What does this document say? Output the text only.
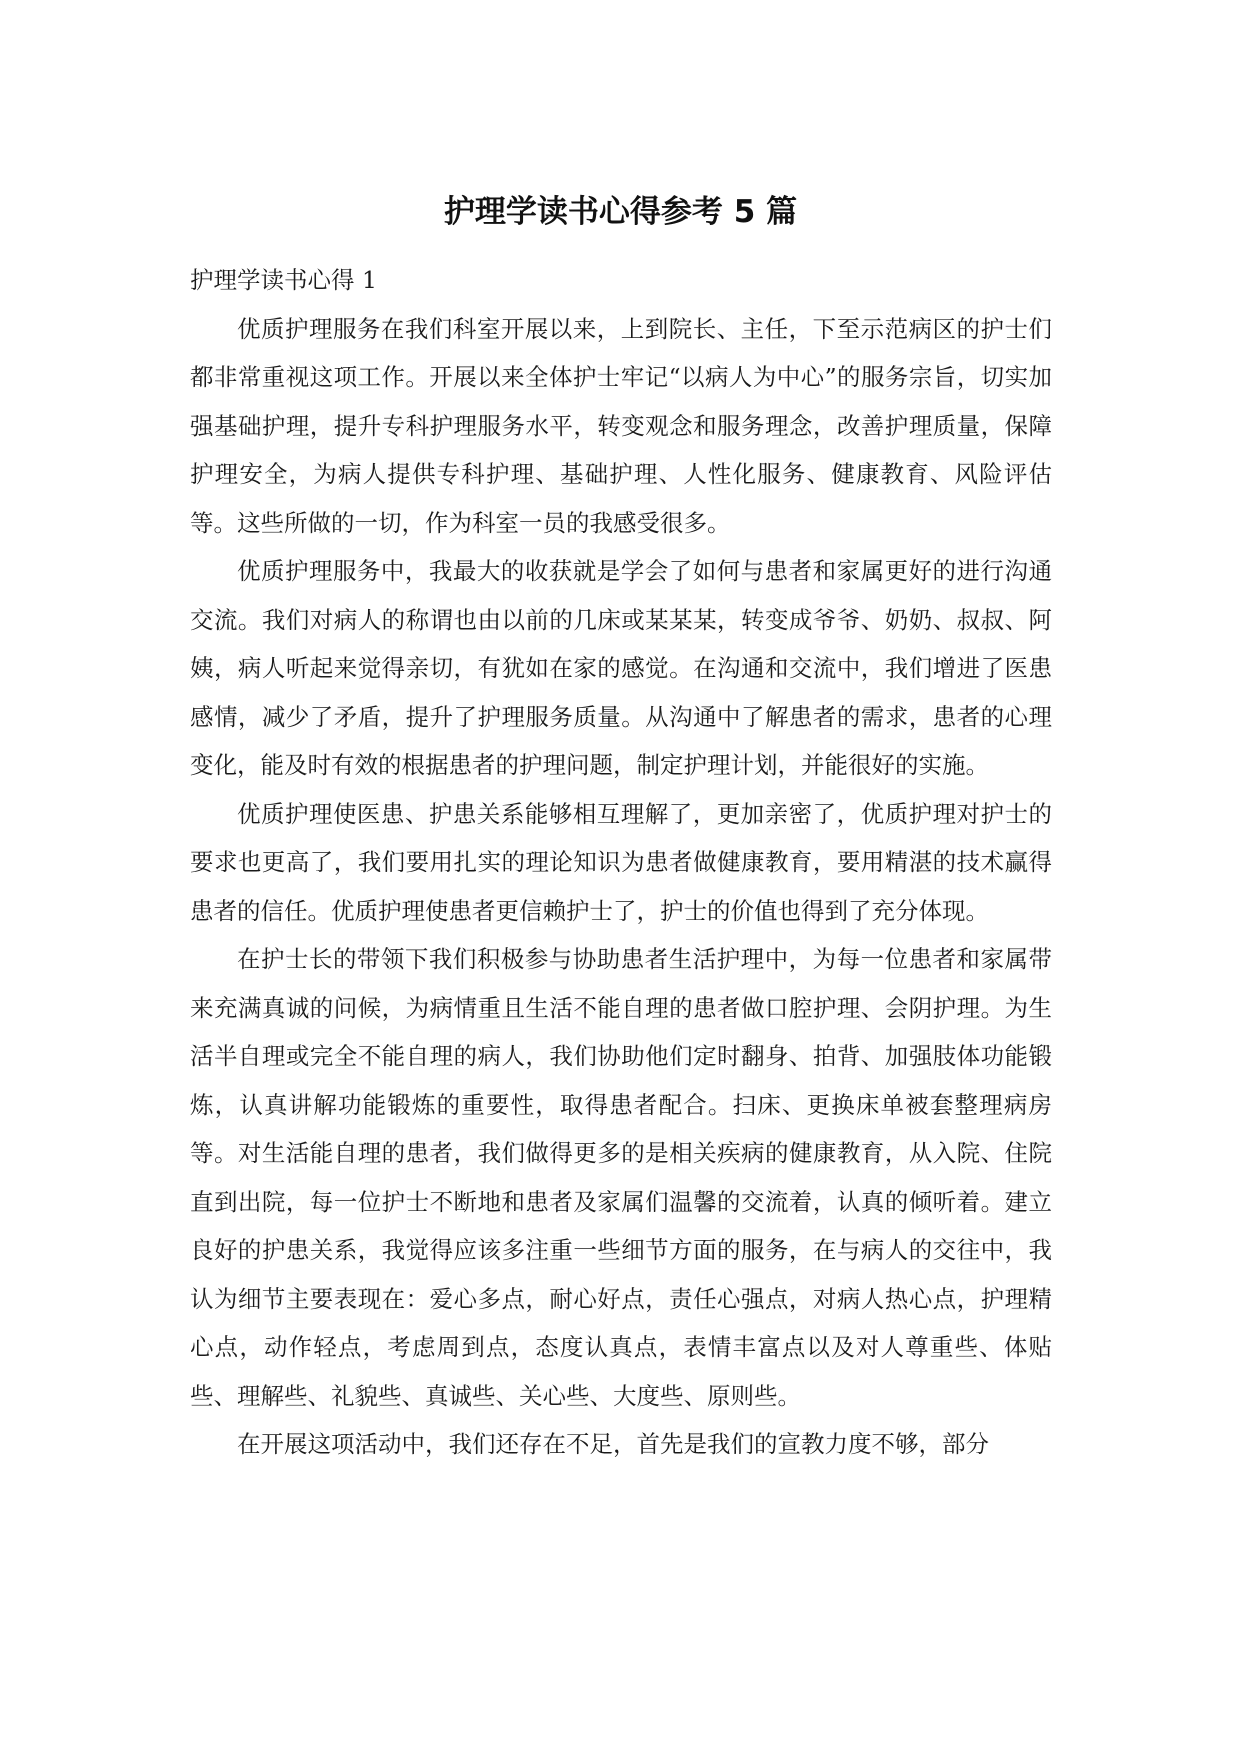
护理学读书心得参考 5 篇

护理学读书心得 1

优质护理服务在我们科室开展以来，上到院长、主任，下至示范病区的护士们都非常重视这项工作。开展以来全体护士牢记“以病人为中心”的服务宗旨，切实加强基础护理，提升专科护理服务水平，转变观念和服务理念，改善护理质量，保障护理安全，为病人提供专科护理、基础护理、人性化服务、健康教育、风险评估等。这些所做的一切，作为科室一员的我感受很多。

优质护理服务中，我最大的收获就是学会了如何与患者和家属更好的进行沟通交流。我们对病人的称谓也由以前的几床或某某某，转变成爷爷、奶奶、叔叔、阿姨，病人听起来觉得亲切，有犹如在家的感觉。在沟通和交流中，我们增进了医患感情，减少了矛盾，提升了护理服务质量。从沟通中了解患者的需求，患者的心理变化，能及时有效的根据患者的护理问题，制定护理计划，并能很好的实施。

优质护理使医患、护患关系能够相互理解了，更加亲密了，优质护理对护士的要求也更高了，我们要用扎实的理论知识为患者做健康教育，要用精湛的技术赢得患者的信任。优质护理使患者更信赖护士了，护士的价值也得到了充分体现。

在护士长的带领下我们积极参与协助患者生活护理中，为每一位患者和家属带来充满真诚的问候，为病情重且生活不能自理的患者做口腔护理、会阴护理。为生活半自理或完全不能自理的病人，我们协助他们定时翻身、拍背、加强肢体功能锻炼，认真讲解功能锻炼的重要性，取得患者配合。扫床、更换床单被套整理病房等。对生活能自理的患者，我们做得更多的是相关疾病的健康教育，从入院、住院直到出院，每一位护士不断地和患者及家属们温馨的交流着，认真的倾听着。建立良好的护患关系，我觉得应该多注重一些细节方面的服务，在与病人的交往中，我认为细节主要表现在：爱心多点，耐心好点，责任心强点，对病人热心点，护理精心点，动作轻点，考虑周到点，态度认真点，表情丰富点以及对人尊重些、体贴些、理解些、礼貌些、真诚些、关心些、大度些、原则些。

在开展这项活动中，我们还存在不足，首先是我们的宣教力度不够，部分
